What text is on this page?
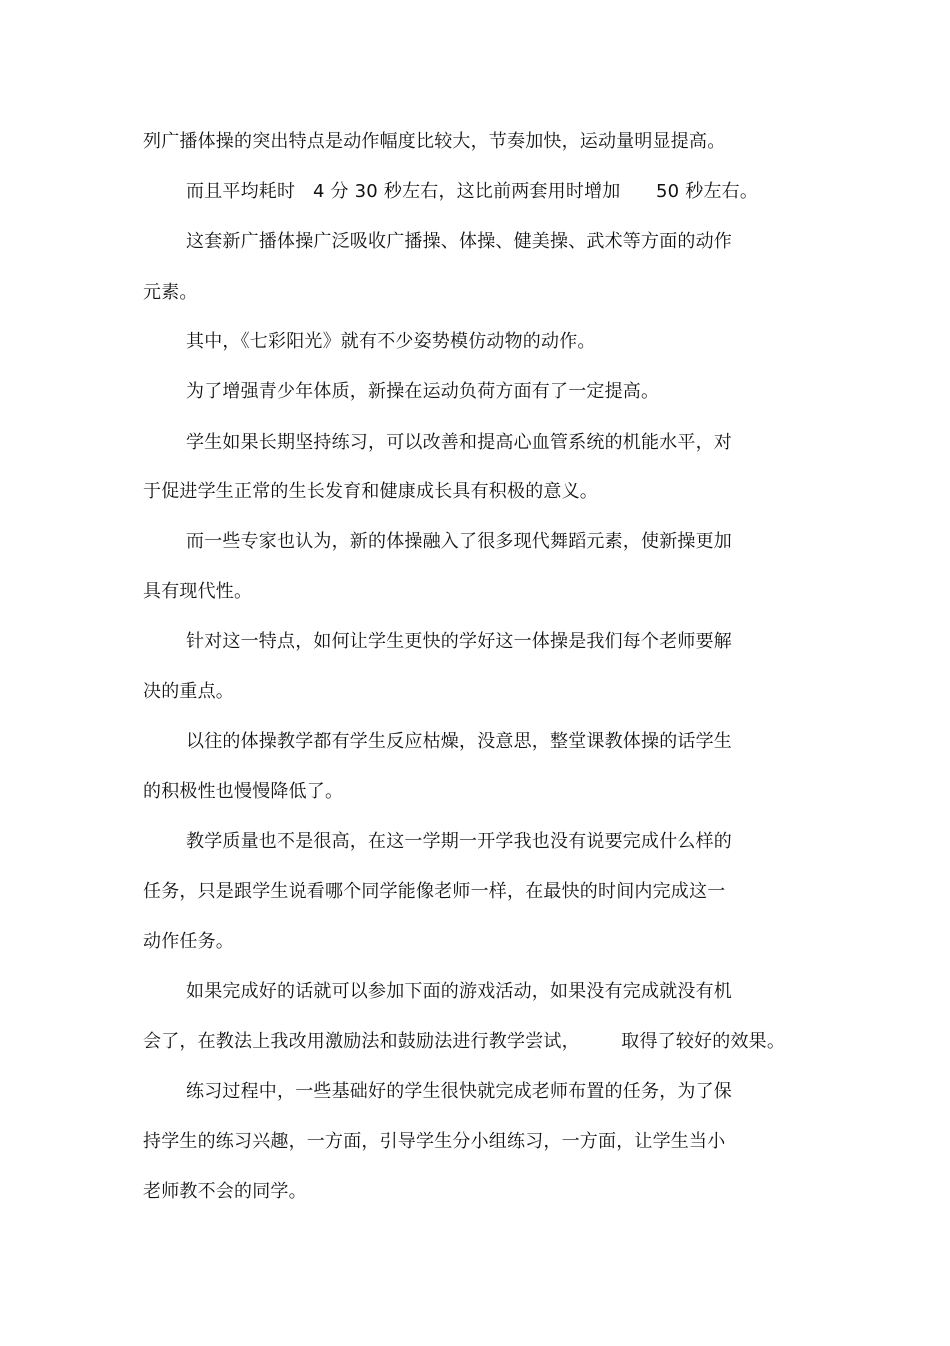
列广播体操的突出特点是动作幅度比较大，节奏加快，运动量明显提高。
而且平均耗时   4 分 30 秒左右，这比前两套用时增加      50 秒左右。
这套新广播体操广泛吸收广播操、体操、健美操、武术等方面的动作
元素。
其中，《七彩阳光》就有不少姿势模仿动物的动作。
为了增强青少年体质，新操在运动负荷方面有了一定提高。
学生如果长期坚持练习，可以改善和提高心血管系统的机能水平，对
于促进学生正常的生长发育和健康成长具有积极的意义。
而一些专家也认为，新的体操融入了很多现代舞蹈元素，使新操更加
具有现代性。
针对这一特点，如何让学生更快的学好这一体操是我们每个老师要解
决的重点。
以往的体操教学都有学生反应枯燥，没意思，整堂课教体操的话学生
的积极性也慢慢降低了。
教学质量也不是很高，在这一学期一开学我也没有说要完成什么样的
任务，只是跟学生说看哪个同学能像老师一样，在最快的时间内完成这一
动作任务。
如果完成好的话就可以参加下面的游戏活动，如果没有完成就没有机
会了，在教法上我改用激励法和鼓励法进行教学尝试，       取得了较好的效果。
练习过程中，一些基础好的学生很快就完成老师布置的任务，为了保
持学生的练习兴趣，一方面，引导学生分小组练习，一方面，让学生当小
老师教不会的同学。
